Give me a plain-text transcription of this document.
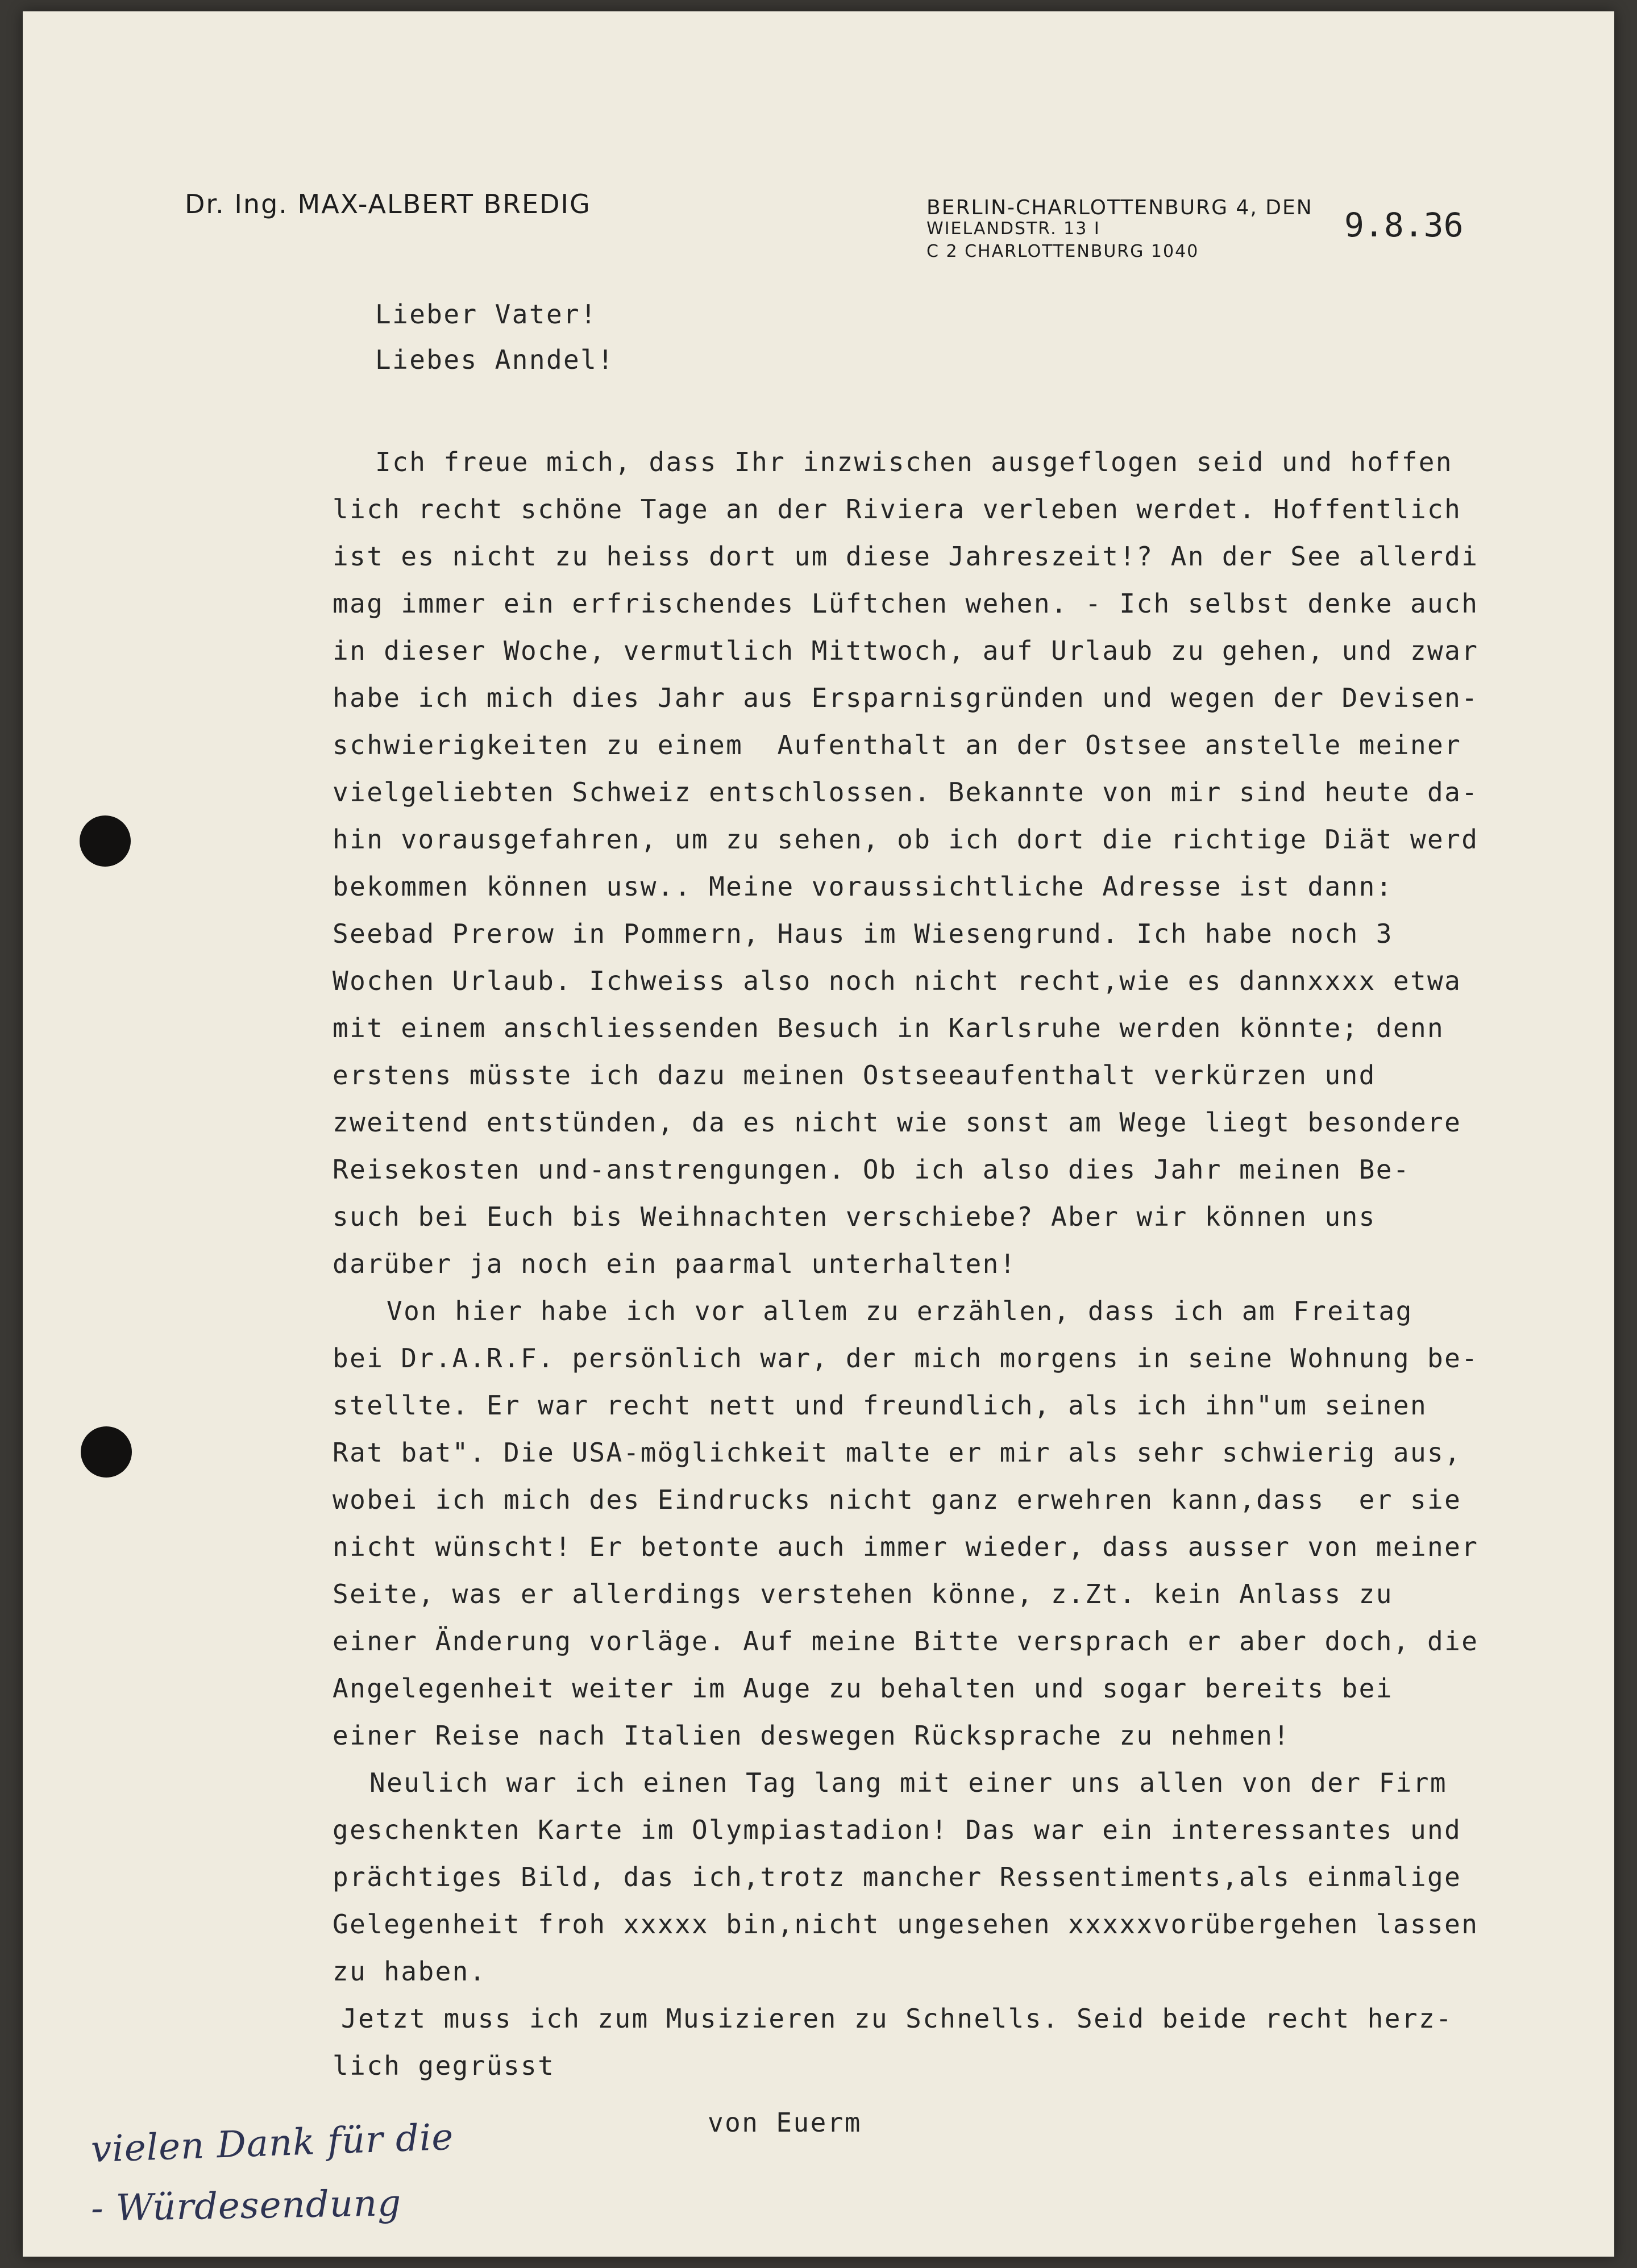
Dr. Ing. MAX-ALBERT BREDIG	BERLIN-CHARLOTTENBURG 4, DEN
WIELANDSTR. 13 I
C 2 CHARLOTTENBURG 1040
9.8.36
Lieber Vater!
Liebes Anndel!
Ich freue mich, dass Ihr inzwischen ausgeflogen seid und hoffen
lich recht schöne Tage an der Riviera verleben werdet. Hoffentlich
ist es nicht zu heiss dort um diese Jahreszeit!? An der See allerdi
mag immer ein erfrischendes Lüftchen wehen. - Ich selbst denke auch
in dieser Woche, vermutlich Mittwoch, auf Urlaub zu gehen, und zwar
habe ich mich dies Jahr aus Ersparnisgründen und wegen der Devisen-
schwierigkeiten zu einem  Aufenthalt an der Ostsee anstelle meiner
vielgeliebten Schweiz entschlossen. Bekannte von mir sind heute da-
hin vorausgefahren, um zu sehen, ob ich dort die richtige Diät werd
bekommen können usw.. Meine voraussichtliche Adresse ist dann:
Seebad Prerow in Pommern, Haus im Wiesengrund. Ich habe noch 3
Wochen Urlaub. Ichweiss also noch nicht recht,wie es dannxxxx etwa
mit einem anschliessenden Besuch in Karlsruhe werden könnte; denn
erstens müsste ich dazu meinen Ostseeaufenthalt verkürzen und
zweitend entstünden, da es nicht wie sonst am Wege liegt besondere
Reisekosten und-anstrengungen. Ob ich also dies Jahr meinen Be-
such bei Euch bis Weihnachten verschiebe? Aber wir können uns
darüber ja noch ein paarmal unterhalten!
Von hier habe ich vor allem zu erzählen, dass ich am Freitag
bei Dr.A.R.F. persönlich war, der mich morgens in seine Wohnung be-
stellte. Er war recht nett und freundlich, als ich ihn"um seinen
Rat bat". Die USA-möglichkeit malte er mir als sehr schwierig aus,
wobei ich mich des Eindrucks nicht ganz erwehren kann,dass  er sie
nicht wünscht! Er betonte auch immer wieder, dass ausser von meiner
Seite, was er allerdings verstehen könne, z.Zt. kein Anlass zu
einer Änderung vorläge. Auf meine Bitte versprach er aber doch, die
Angelegenheit weiter im Auge zu behalten und sogar bereits bei
einer Reise nach Italien deswegen Rücksprache zu nehmen!
Neulich war ich einen Tag lang mit einer uns allen von der Firm
geschenkten Karte im Olympiastadion! Das war ein interessantes und
prächtiges Bild, das ich,trotz mancher Ressentiments,als einmalige
Gelegenheit froh xxxxx bin,nicht ungesehen xxxxxvorübergehen lassen
zu haben.
Jetzt muss ich zum Musizieren zu Schnells. Seid beide recht herz-
lich gegrüsst
von Euerm
vielen Dank für die
- Würdesendung
